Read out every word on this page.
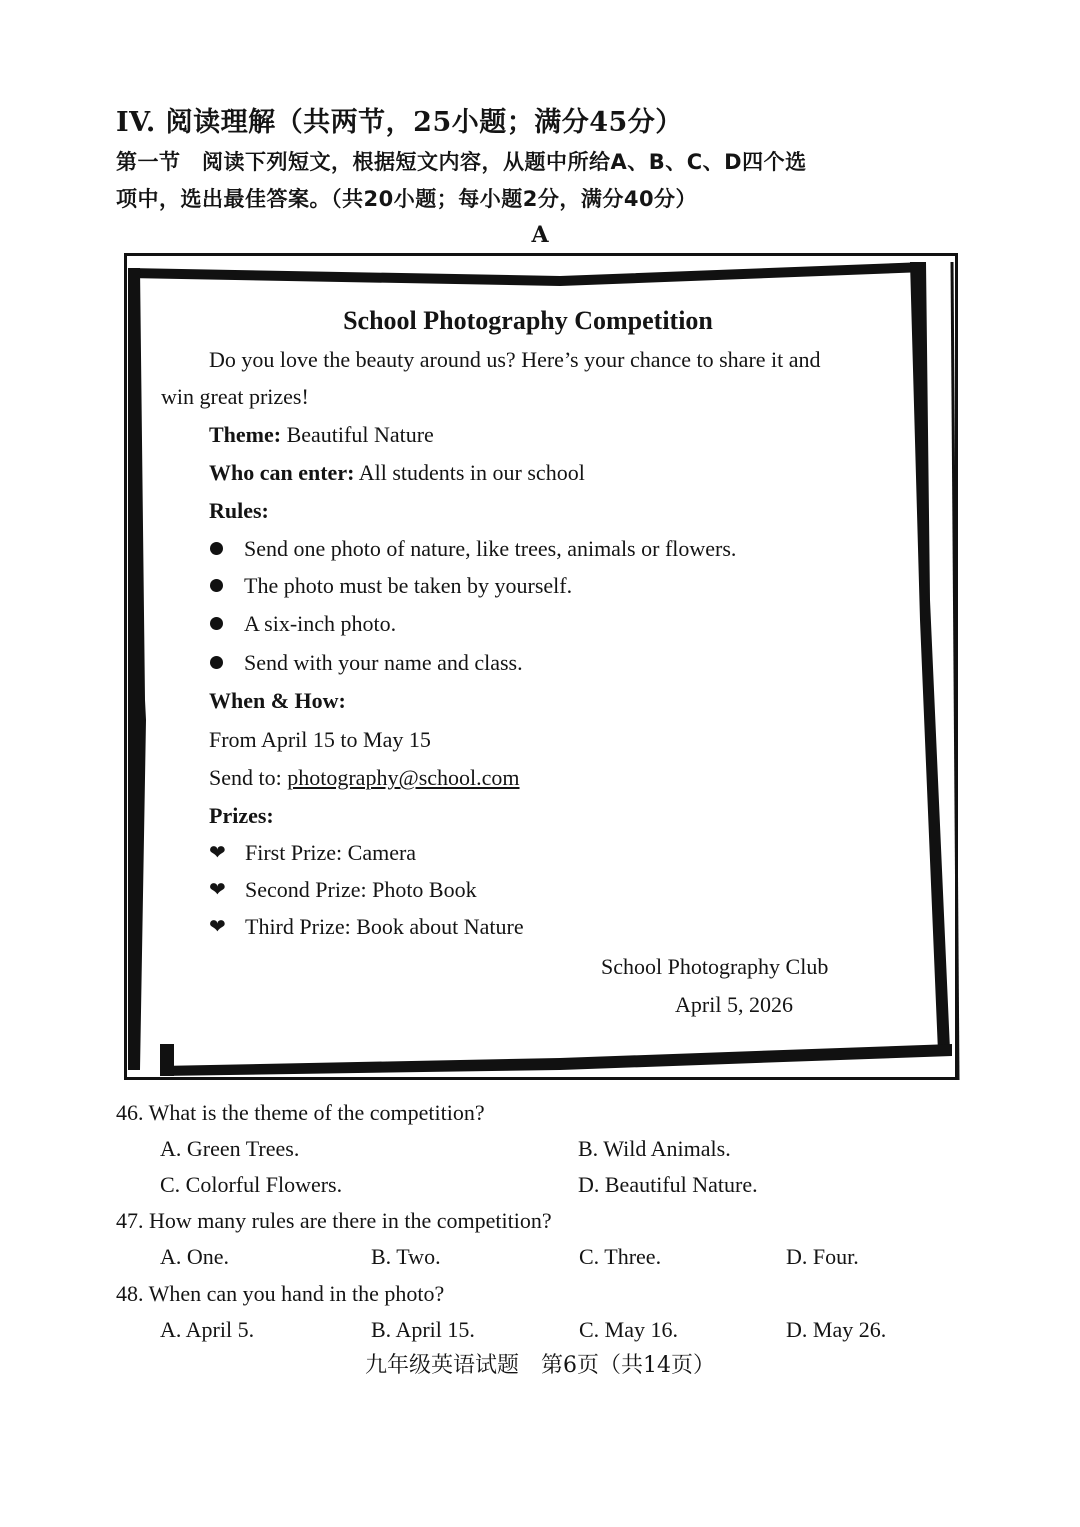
IV. 阅读理解（共两节，25小题；满分45分）
第一节　阅读下列短文，根据短文内容，从题中所给A、B、C、D四个选
项中，选出最佳答案。（共20小题；每小题2分，满分40分）
A
School Photography Competition
Do you love the beauty around us? Here’s your chance to share it and
win great prizes!
Theme: Beautiful Nature
Who can enter: All students in our school
Rules:
Send one photo of nature, like trees, animals or flowers.
The photo must be taken by yourself.
A six-inch photo.
Send with your name and class.
When & How:
From April 15 to May 15
Send to: photography@school.com
Prizes:
❤ First Prize: Camera
❤ Second Prize: Photo Book
❤ Third Prize: Book about Nature
School Photography Club
April 5, 2026
46. What is the theme of the competition?
A. Green Trees.	B. Wild Animals.
C. Colorful Flowers.	D. Beautiful Nature.
47. How many rules are there in the competition?
A. One.	B. Two.	C. Three.	D. Four.
48. When can you hand in the photo?
A. April 5.	B. April 15.	C. May 16.	D. May 26.
九年级英语试题　第6页（共14页）
